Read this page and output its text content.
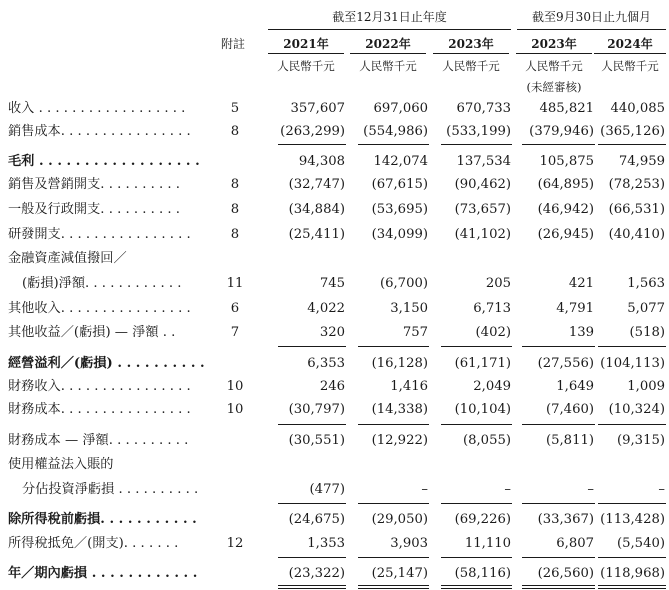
截至12月31日止年度	截至9月30日止九個月
附註	2021年	2022年	2023年	2023年	2024年
人民幣千元	人民幣千元	人民幣千元	人民幣千元	人民幣千元
(未經審核)
收入 . . . . . . . . . . . . . . . . . .	5	357,607 697,060 670,733 485,821 440,085
銷售成本. . . . . . . . . . . . . . . .	8	(263,299) (554,986) (533,199) (379,946) (365,126)
毛利 . . . . . . . . . . . . . . . . . .	94,308 142,074 137,534 105,875 74,959
銷售及營銷開支. . . . . . . . . .	8	(32,747) (67,615) (90,462) (64,895) (78,253)
一般及行政開支. . . . . . . . . .	8	(34,884) (53,695) (73,657) (46,942) (66,531)
研發開支. . . . . . . . . . . . . . . .	8	(25,411) (34,099) (41,102) (26,945) (40,410)
金融資產減值撥回／
(虧損)淨額. . . . . . . . . . . .	11	745	(6,700)	205	421	1,563
其他收入. . . . . . . . . . . . . . . .	6	4,022	3,150	6,713	4,791	5,077
其他收益／(虧損) — 淨額 . .	7	320	757	(402)	139	(518)
經營溢利／(虧損) . . . . . . . . . .	6,353 (16,128) (61,171) (27,556) (104,113)
財務收入. . . . . . . . . . . . . . . .	10	246	1,416	2,049	1,649	1,009
財務成本. . . . . . . . . . . . . . . .	10	(30,797) (14,338) (10,104)	(7,460) (10,324)
財務成本 — 淨額. . . . . . . . . .	(30,551) (12,922)	(8,055)	(5,811) (9,315)
使用權益法入賬的
分佔投資淨虧損 . . . . . . . . . .	(477)	–	–	–	–
除所得稅前虧損. . . . . . . . . . .	(24,675) (29,050) (69,226) (33,367) (113,428)
所得稅抵免／(開支). . . . . . .	12	1,353	3,903	11,110	6,807 (5,540)
年／期內虧損 . . . . . . . . . . . .	(23,322) (25,147) (58,116) (26,560) (118,968)
